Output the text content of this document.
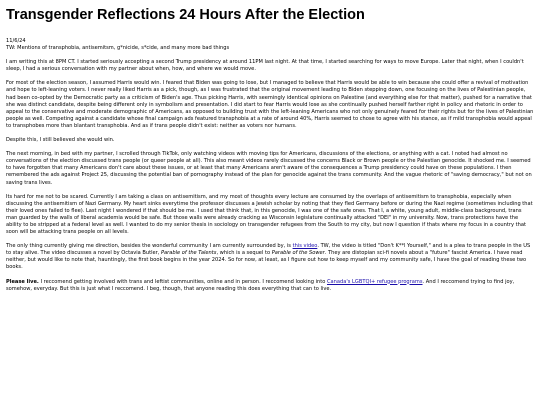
Transgender Reflections 24 Hours After the Election
11/6/24
TW: Mentions of transphobia, antisemitsm, g*nicide, s*cide, and many more bad things

I am writing this at 8PM CT. I started seriously accepting a second Trump presidency at around 11PM last night. At that time, I started searching for ways to move Europe. Later that night, when I couldn't sleep, I had a serious conversation with my partner about when, how, and where we would move.

For most of the election season, I assumed Harris would win. I feared that Biden was going to lose, but I managed to believe that Harris would be able to win because she could offer a revival of motivation and hope to left-leaning voters. I never really liked Harris as a pick, though, as I was frustrated that the original movement leading to Biden stepping down, one focusing on the lives of Palestinian people, had been co-opted by the Democratic party as a criticism of Biden's age. Thus picking Harris, with seemingly identical opinions on Palestine (and everything else for that matter), pushed for a narrative that she was distinct candidate, despite being different only in symbolism and presentation. I did start to fear Harris would lose as she continually pushed herself farther right in policy and rhetoric in order to appeal to the conservative and moderate demographic of Americans, as opposed to building trust with the left-leaning Americans who not only genuinely feared for their rights but for the lives of Palestinian people as well. Competing against a candidate whose final campaign ads featured transphobia at a rate of around 40%, Harris seemed to chose to agree with his stance, as if mild transphobia would appeal to transphobes more than blantant transphobia. And as if trans people didn't exist: neither as voters nor humans.

Despite this, I still believed she would win.

The next morning, in bed with my partner, I scrolled through TikTok, only watching videos with moving tips for Americans, discussions of the elections, or anything with a cat. I noted had almost no conversations of the election discussed trans people (or queer people at all). This also meant videos rarely discussed the concerns Black or Brown people or the Palestian genocide. It shocked me. I seemed to have forgotten that many Americans don't care about these issues, or at least that many Americans aren't aware of the consequences a Trump presidency could have on these populations. I then remembered the ads against Project 25, discussing the potential ban of pornography instead of the plan for genocide against the trans community. And the vague rhetoric of "saving democracy," but not on saving trans lives.

Its hard for me not to be scared. Currently I am taking a class on antisemitism, and my most of thoughts every lecture are consumed by the overlaps of antisemitism to transphobia, especially when discussing the antisemitism of Nazi Germany. My heart sinks everytime the professor discusses a Jewish scholar by noting that they fled Germany before or during the Nazi regime (sometimes including that their loved ones failed to flee). Last night I wondered if that should be me. I used that think that, in this genocide, I was one of the safe ones. That I, a white, young adult, middle-class background, trans man guarded by the walls of liberal academia would be safe. But those walls were already cracking as Wisconsin legislature continually attacked "DEI" in my university. Now, trans protections have the ability to be stripped at a federal level as well. I wanted to do my senior thesis in sociology on transgender refugees from the South to my city, but now I question if thats where my focus in a country that soon will be attacking trans people on all levels.

The only thing currently giving me direction, besides the wonderful community I am currently surrounded by, is this video. TW, the video is titled "Don't K**l Yourself," and is a plea to trans people in the US to stay alive. The video discusses a novel by Octavia Butler, Parable of the Talents, which is a sequel to Parable of the Sower. They are distopian sci-fi novels about a "future" fascist America. I have read neither, but would like to note that, hauntingly, the first book begins in the year 2024. So for now, at least, as I figure out how to keep myself and my community safe, I have the goal of reading these two books.

Please live. I reccomend getting involved with trans and leftist communities, online and in person. I reccomend looking into Canada's LGBTQI+ refugee programs. And I reccomend trying to find joy, somehow, everyday. But this is just what I reccomend. I beg, though, that anyone reading this does everything that can to live.
